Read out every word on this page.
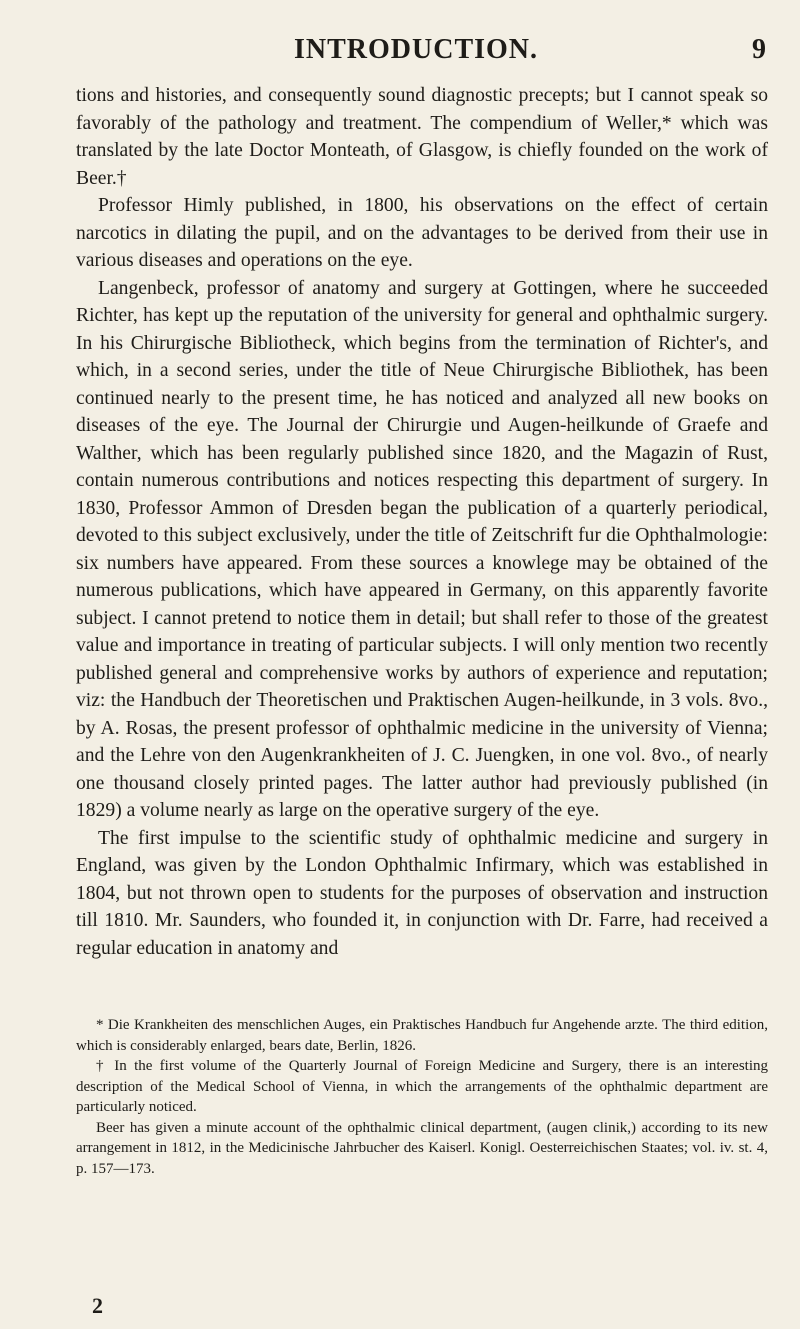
INTRODUCTION.	9

tions and histories, and consequently sound diagnostic precepts; but I cannot speak so favorably of the pathology and treatment. The compendium of Weller,* which was translated by the late Doctor Monteath, of Glasgow, is chiefly founded on the work of Beer.†

Professor Himly published, in 1800, his observations on the effect of certain narcotics in dilating the pupil, and on the advantages to be derived from their use in various diseases and operations on the eye.

Langenbeck, professor of anatomy and surgery at Gottingen, where he succeeded Richter, has kept up the reputation of the university for general and ophthalmic surgery. In his Chirurgische Bibliotheck, which begins from the termination of Richter's, and which, in a second series, under the title of Neue Chirurgische Bibliothek, has been continued nearly to the present time, he has noticed and analyzed all new books on diseases of the eye. The Journal der Chirurgie und Augen-heilkunde of Graefe and Walther, which has been regularly published since 1820, and the Magazin of Rust, contain numerous contributions and notices respecting this department of surgery. In 1830, Professor Ammon of Dresden began the publication of a quarterly periodical, devoted to this subject exclusively, under the title of Zeitschrift fur die Ophthalmologie: six numbers have appeared. From these sources a knowlege may be obtained of the numerous publications, which have appeared in Germany, on this apparently favorite subject. I cannot pretend to notice them in detail; but shall refer to those of the greatest value and importance in treating of particular subjects. I will only mention two recently published general and comprehensive works by authors of experience and reputation; viz: the Handbuch der Theoretischen und Praktischen Augen-heilkunde, in 3 vols. 8vo., by A. Rosas, the present professor of ophthalmic medicine in the university of Vienna; and the Lehre von den Augenkrankheiten of J. C. Juengken, in one vol. 8vo., of nearly one thousand closely printed pages. The latter author had previously published (in 1829) a volume nearly as large on the operative surgery of the eye.

The first impulse to the scientific study of ophthalmic medicine and surgery in England, was given by the London Ophthalmic Infirmary, which was established in 1804, but not thrown open to students for the purposes of observation and instruction till 1810. Mr. Saunders, who founded it, in conjunction with Dr. Farre, had received a regular education in anatomy and

* Die Krankheiten des menschlichen Auges, ein Praktisches Handbuch fur Angehende arzte. The third edition, which is considerably enlarged, bears date, Berlin, 1826.

† In the first volume of the Quarterly Journal of Foreign Medicine and Surgery, there is an interesting description of the Medical School of Vienna, in which the arrangements of the ophthalmic department are particularly noticed.

Beer has given a minute account of the ophthalmic clinical department, (augen clinik,) according to its new arrangement in 1812, in the Medicinische Jahrbucher des Kaiserl. Konigl. Oesterreichischen Staates; vol. iv. st. 4, p. 157—173.

2
